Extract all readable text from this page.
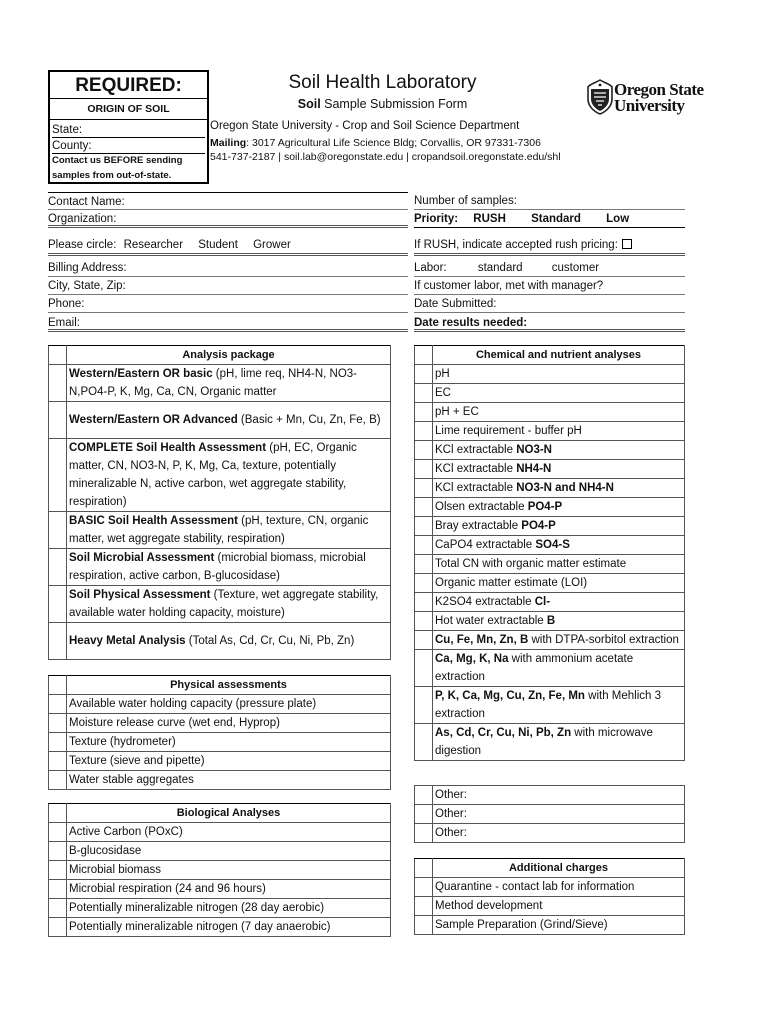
REQUIRED:
ORIGIN OF SOIL
State:
County:
Contact us BEFORE sending
samples from out-of-state.
Soil Health Laboratory
Soil Sample Submission Form
Oregon State University - Crop and Soil Science Department
Mailing: 3017 Agricultural Life Science Bldg; Corvallis, OR 97331-7306
541-737-2187 | soil.lab@oregonstate.edu | cropandsoil.oregonstate.edu/shl
Oregon State
University
Contact Name:
Organization:
Please circle: Researcher Student Grower
Billing Address:
City, State, Zip:
Phone:
Email:
Number of samples:
Priority: RUSH Standard Low
If RUSH, indicate accepted rush pricing:
Labor:	standard	customer
If customer labor, met with manager?
Date Submitted:
Date results needed:
	Analysis package
	Western/Eastern OR basic (pH, lime req, NH4-N, NO3-N,PO4-P, K, Mg, Ca, CN, Organic matter
	Western/Eastern OR Advanced (Basic + Mn, Cu, Zn, Fe, B)
	COMPLETE Soil Health Assessment (pH, EC, Organic matter, CN, NO3-N, P, K, Mg, Ca, texture, potentially mineralizable N, active carbon, wet aggregate stability, respiration)
	BASIC Soil Health Assessment (pH, texture, CN, organic matter, wet aggregate stability, respiration)
	Soil Microbial Assessment (microbial biomass, microbial respiration, active carbon, B-glucosidase)
	Soil Physical Assessment (Texture, wet aggregate stability, available water holding capacity, moisture)
	Heavy Metal Analysis (Total As, Cd, Cr, Cu, Ni, Pb, Zn)
	Physical assessments
	Available water holding capacity (pressure plate)
	Moisture release curve (wet end, Hyprop)
	Texture (hydrometer)
	Texture (sieve and pipette)
	Water stable aggregates
	Biological Analyses
	Active Carbon (POxC)
	B-glucosidase
	Microbial biomass
	Microbial respiration (24 and 96 hours)
	Potentially mineralizable nitrogen (28 day aerobic)
	Potentially mineralizable nitrogen (7 day anaerobic)
	Chemical and nutrient analyses
	pH
	EC
	pH + EC
	Lime requirement - buffer pH
	KCl extractable NO3-N
	KCl extractable NH4-N
	KCl extractable NO3-N and NH4-N
	Olsen extractable PO4-P
	Bray extractable PO4-P
	CaPO4 extractable SO4-S
	Total CN with organic matter estimate
	Organic matter estimate (LOI)
	K2SO4 extractable Cl-
	Hot water extractable B
	Cu, Fe, Mn, Zn, B with DTPA-sorbitol extraction
	Ca, Mg, K, Na with ammonium acetate extraction
	P, K, Ca, Mg, Cu, Zn, Fe, Mn with Mehlich 3 extraction
	As, Cd, Cr, Cu, Ni, Pb, Zn with microwave digestion
	Other:
	Other:
	Other:
	Additional charges
	Quarantine - contact lab for information
	Method development
	Sample Preparation (Grind/Sieve)
